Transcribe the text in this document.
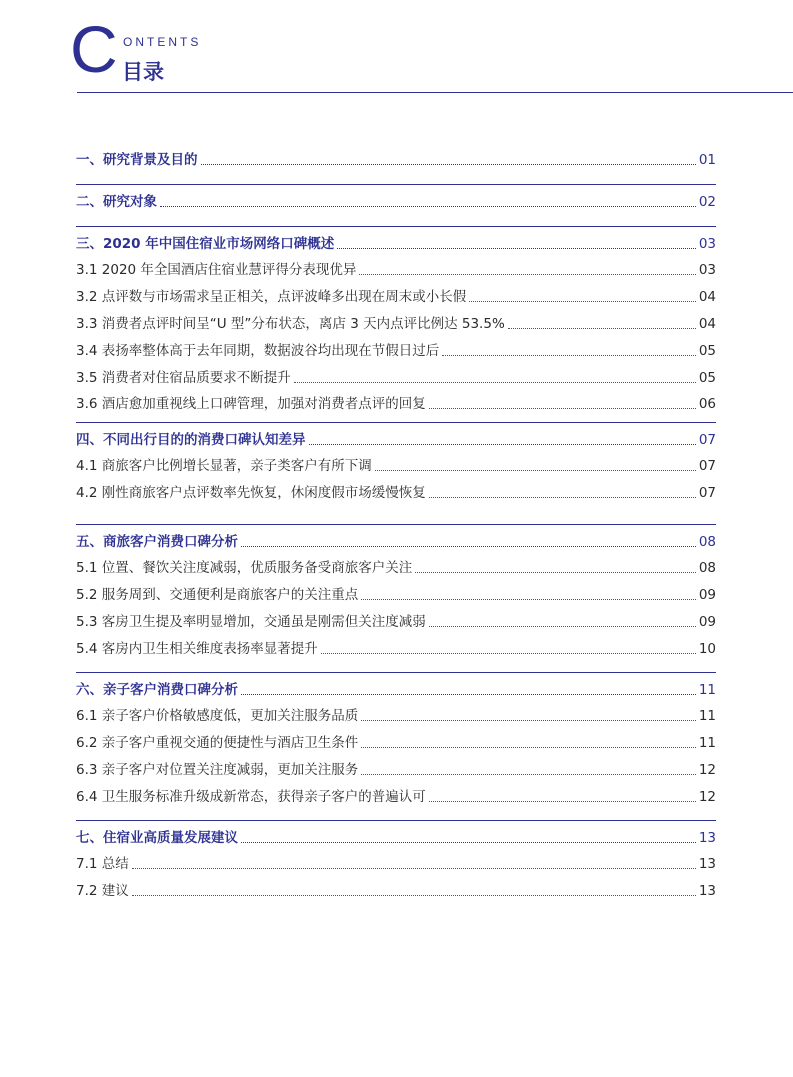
C ONTENTS
目录
一、研究背景及目的	01
二、研究对象	02
三、2020 年中国住宿业市场网络口碑概述	03
3.1 2020 年全国酒店住宿业慧评得分表现优异	03
3.2 点评数与市场需求呈正相关，点评波峰多出现在周末或小长假	04
3.3 消费者点评时间呈“U 型”分布状态，离店 3 天内点评比例达 53.5%	04
3.4 表扬率整体高于去年同期，数据波谷均出现在节假日过后	05
3.5 消费者对住宿品质要求不断提升	05
3.6 酒店愈加重视线上口碑管理，加强对消费者点评的回复	06
四、不同出行目的的消费口碑认知差异	07
4.1 商旅客户比例增长显著，亲子类客户有所下调	07
4.2 刚性商旅客户点评数率先恢复，休闲度假市场缓慢恢复	07
五、商旅客户消费口碑分析	08
5.1 位置、餐饮关注度减弱，优质服务备受商旅客户关注	08
5.2 服务周到、交通便利是商旅客户的关注重点	09
5.3 客房卫生提及率明显增加，交通虽是刚需但关注度减弱	09
5.4 客房内卫生相关维度表扬率显著提升	10
六、亲子客户消费口碑分析	11
6.1 亲子客户价格敏感度低，更加关注服务品质	11
6.2 亲子客户重视交通的便捷性与酒店卫生条件	11
6.3 亲子客户对位置关注度减弱，更加关注服务	12
6.4 卫生服务标准升级成新常态，获得亲子客户的普遍认可	12
七、住宿业高质量发展建议	13
7.1 总结	13
7.2 建议	13
